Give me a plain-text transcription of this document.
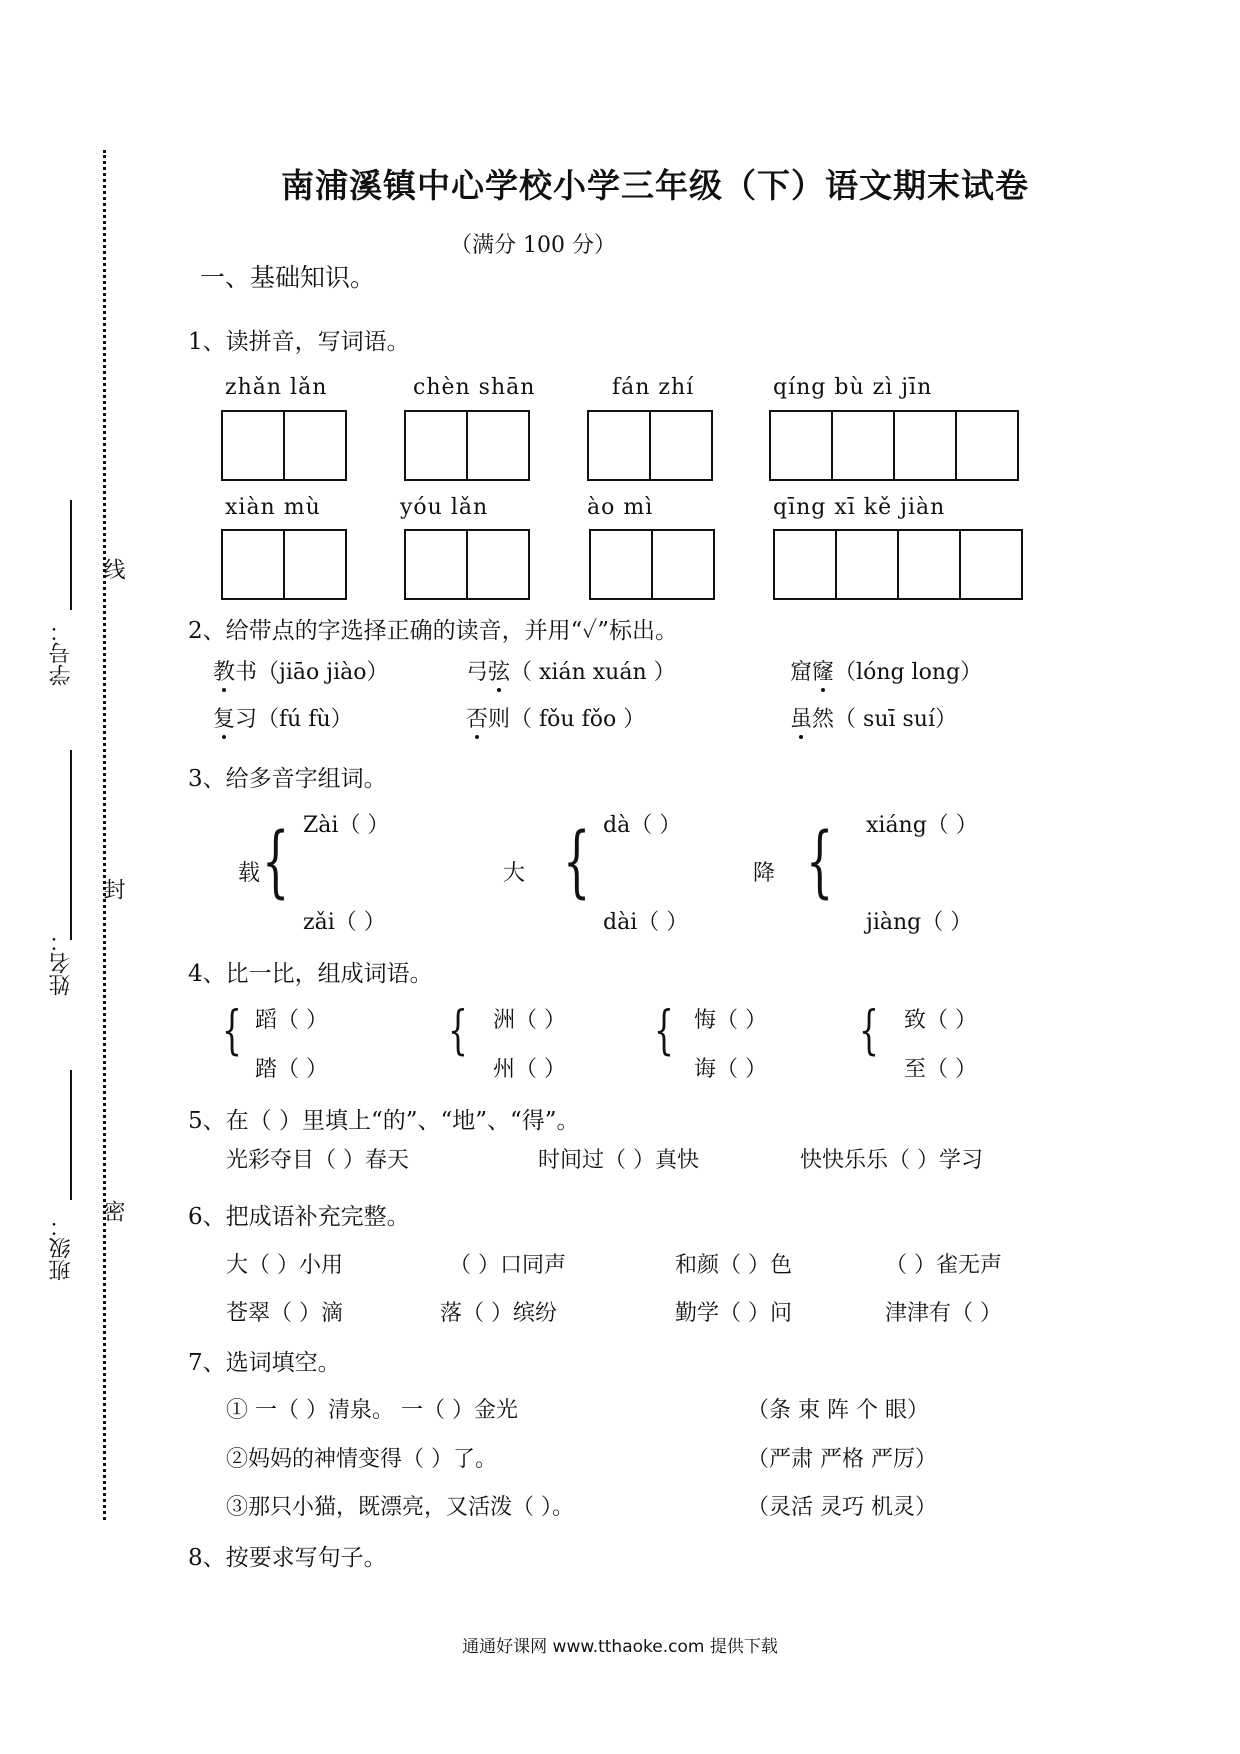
学号：
姓名：
班级：
线
封
密
南浦溪镇中心学校小学三年级（下）语文期末试卷
（满分 100 分）
一、基础知识。
1、读拼音，写词语。
zhǎn lǎn	chèn shān	fán zhí	qíng bù zì jīn
xiàn mù	yóu lǎn	ào mì	qīng xī kě jiàn
2、给带点的字选择正确的读音，并用“✓”标出。
教书（jiāo jiào）	弓弦（ xián xuán ）	窟窿（lóng long）
复习（fú fù）	否则（ fǒu fǒo ）	虽然（ suī suí）
3、给多音字组词。
Zài（ ）
载 {
zǎi（ ）
dà（ ）
大 {
dài（ ）
xiáng（ ）
降 {
jiàng（ ）
4、比一比，组成词语。
{ 蹈（ ）
踏（ ）
{ 洲（ ）
州（ ）
{ 悔（ ）
诲（ ）
{ 致（ ）
至（ ）
5、在（ ）里填上“的”、“地”、“得”。
光彩夺目（ ）春天	时间过（ ）真快	快快乐乐（ ）学习
6、把成语补充完整。
大（ ）小用	（ ）口同声	和颜（ ）色	（ ）雀无声
苍翠（ ）滴	落（ ）缤纷	勤学（ ）问	津津有（ ）
7、选词填空。
① 一（ ）清泉。 一（ ）金光	（条 束 阵 个 眼）
②妈妈的神情变得（ ）了。	（严肃 严格 严厉）
③那只小猫，既漂亮，又活泼（ ）。	（灵活 灵巧 机灵）
8、按要求写句子。
通通好课网 www.tthaoke.com 提供下载
